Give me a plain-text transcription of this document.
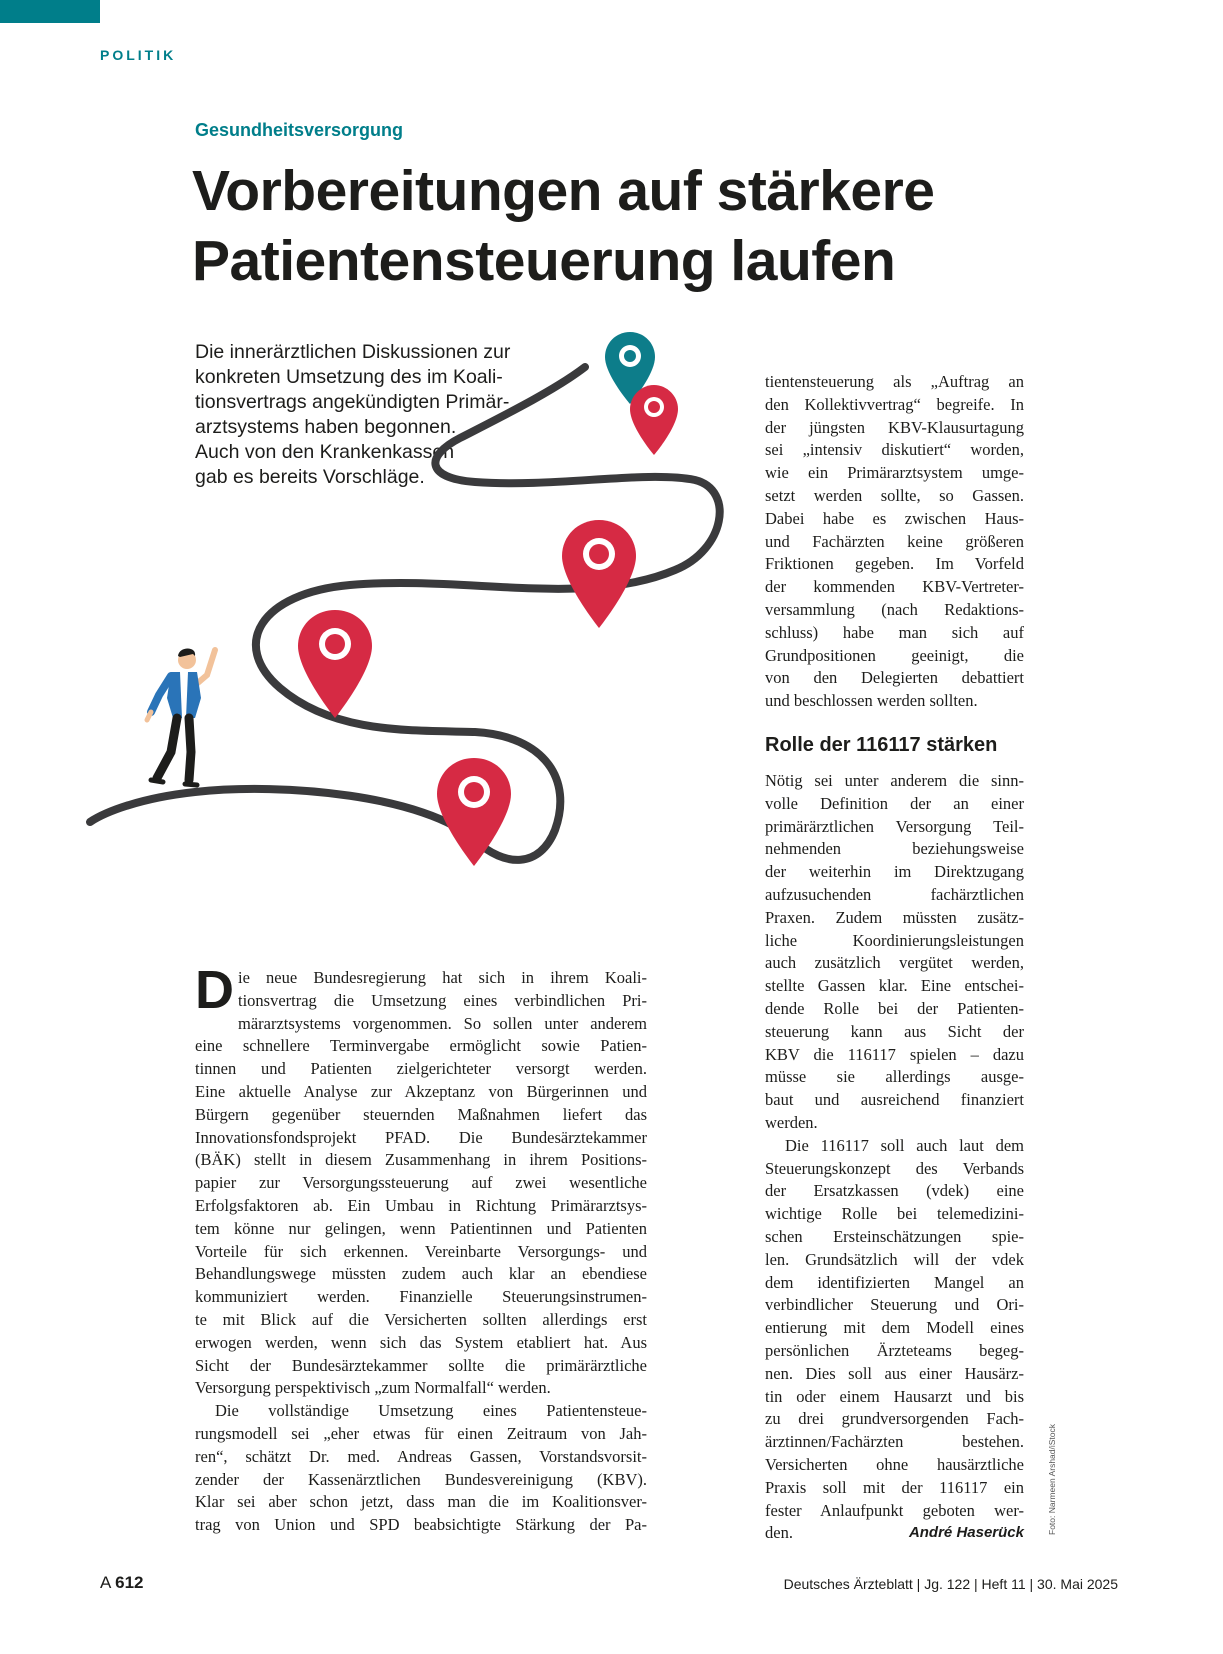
POLITIK
Gesundheitsversorgung
Vorbereitungen auf stärkere
Patientensteuerung laufen
Die innerärztlichen Diskussionen zur
konkreten Umsetzung des im Koali-
tionsvertrags angekündigten Primär-
arztsystems haben begonnen.
Auch von den Krankenkassen
gab es bereits Vorschläge.
D ie neue Bundesregierung hat sich in ihrem Koali-
tionsvertrag die Umsetzung eines verbindlichen Pri-
märarztsystems vorgenommen. So sollen unter anderem
eine schnellere Terminvergabe ermöglicht sowie Patien-
tinnen und Patienten zielgerichteter versorgt werden.
Eine aktuelle Analyse zur Akzeptanz von Bürgerinnen und
Bürgern gegenüber steuernden Maßnahmen liefert das
Innovationsfondsprojekt PFAD. Die Bundesärztekammer
(BÄK) stellt in diesem Zusammenhang in ihrem Positions-
papier zur Versorgungssteuerung auf zwei wesentliche
Erfolgsfaktoren ab. Ein Umbau in Richtung Primärarztsys-
tem könne nur gelingen, wenn Patientinnen und Patienten
Vorteile für sich erkennen. Vereinbarte Versorgungs- und
Behandlungswege müssten zudem auch klar an ebendiese
kommuniziert werden. Finanzielle Steuerungsinstrumen-
te mit Blick auf die Versicherten sollten allerdings erst
erwogen werden, wenn sich das System etabliert hat. Aus
Sicht der Bundesärztekammer sollte die primärärztliche
Versorgung perspektivisch „zum Normalfall“ werden.
Die vollständige Umsetzung eines Patientensteue-
rungsmodell sei „eher etwas für einen Zeitraum von Jah-
ren“, schätzt Dr. med. Andreas Gassen, Vorstandsvorsit-
zender der Kassenärztlichen Bundesvereinigung (KBV).
Klar sei aber schon jetzt, dass man die im Koalitionsver-
trag von Union und SPD beabsichtigte Stärkung der Pa-
tientensteuerung als „Auftrag an
den Kollektivvertrag“ begreife. In
der jüngsten KBV-Klausurtagung
sei „intensiv diskutiert“ worden,
wie ein Primärarztsystem umge-
setzt werden sollte, so Gassen.
Dabei habe es zwischen Haus-
und Fachärzten keine größeren
Friktionen gegeben. Im Vorfeld
der kommenden KBV-Vertreter-
versammlung (nach Redaktions-
schluss) habe man sich auf
Grundpositionen geeinigt, die
von den Delegierten debattiert
und beschlossen werden sollten.
Rolle der 116117 stärken
Nötig sei unter anderem die sinn-
volle Definition der an einer
primärärztlichen Versorgung Teil-
nehmenden beziehungsweise
der weiterhin im Direktzugang
aufzusuchenden fachärztlichen
Praxen. Zudem müssten zusätz-
liche Koordinierungsleistungen
auch zusätzlich vergütet werden,
stellte Gassen klar. Eine entschei-
dende Rolle bei der Patienten-
steuerung kann aus Sicht der
KBV die 116117 spielen – dazu
müsse sie allerdings ausge-
baut und ausreichend finanziert
werden.
Die 116117 soll auch laut dem
Steuerungskonzept des Verbands
der Ersatzkassen (vdek) eine
wichtige Rolle bei telemedizini-
schen Ersteinschätzungen spie-
len. Grundsätzlich will der vdek
dem identifizierten Mangel an
verbindlicher Steuerung und Ori-
entierung mit dem Modell eines
persönlichen Ärzteteams begeg-
nen. Dies soll aus einer Hausärz-
tin oder einem Hausarzt und bis
zu drei grundversorgenden Fach-
ärztinnen/Fachärzten bestehen.
Versicherten ohne hausärztliche
Praxis soll mit der 116117 ein
fester Anlaufpunkt geboten wer-
den.	André Haserück	Foto: Narmeen Arshad/iStock
A 612	Deutsches Ärzteblatt | Jg. 122 | Heft 11 | 30. Mai 2025
